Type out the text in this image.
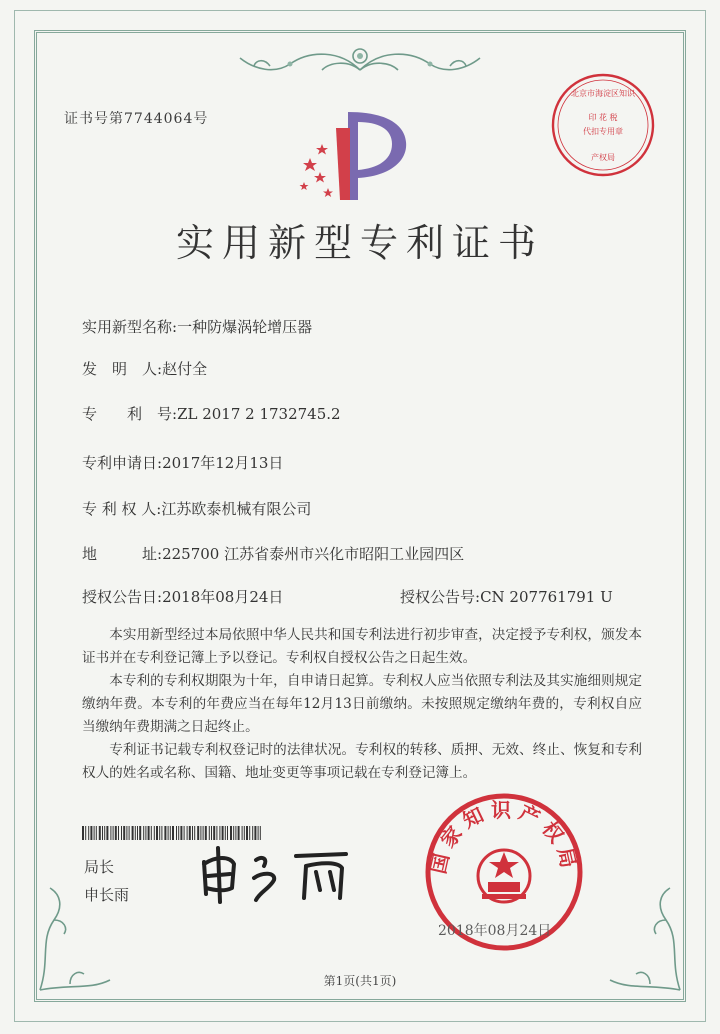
证书号第7744064号
北京市海淀区知识
印 花 税
代扣专用章
产权局
实用新型专利证书
实用新型名称:一种防爆涡轮增压器
发　明　人:赵付全
专　　利　号:ZL 2017 2 1732745.2
专利申请日:2017年12月13日
专 利 权 人:江苏欧泰机械有限公司
地　　　址:225700 江苏省泰州市兴化市昭阳工业园四区
授权公告日:2018年08月24日	授权公告号:CN 207761791 U

本实用新型经过本局依照中华人民共和国专利法进行初步审查，决定授予专利权，颁发本证书并在专利登记簿上予以登记。专利权自授权公告之日起生效。

本专利的专利权期限为十年，自申请日起算。专利权人应当依照专利法及其实施细则规定缴纳年费。本专利的年费应当在每年12月13日前缴纳。未按照规定缴纳年费的，专利权自应当缴纳年费期满之日起终止。

专利证书记载专利权登记时的法律状况。专利权的转移、质押、无效、终止、恢复和专利权人的姓名或名称、国籍、地址变更等事项记载在专利登记簿上。

局长
申长雨
国家知识产权局
2018年08月24日
第1页(共1页)
